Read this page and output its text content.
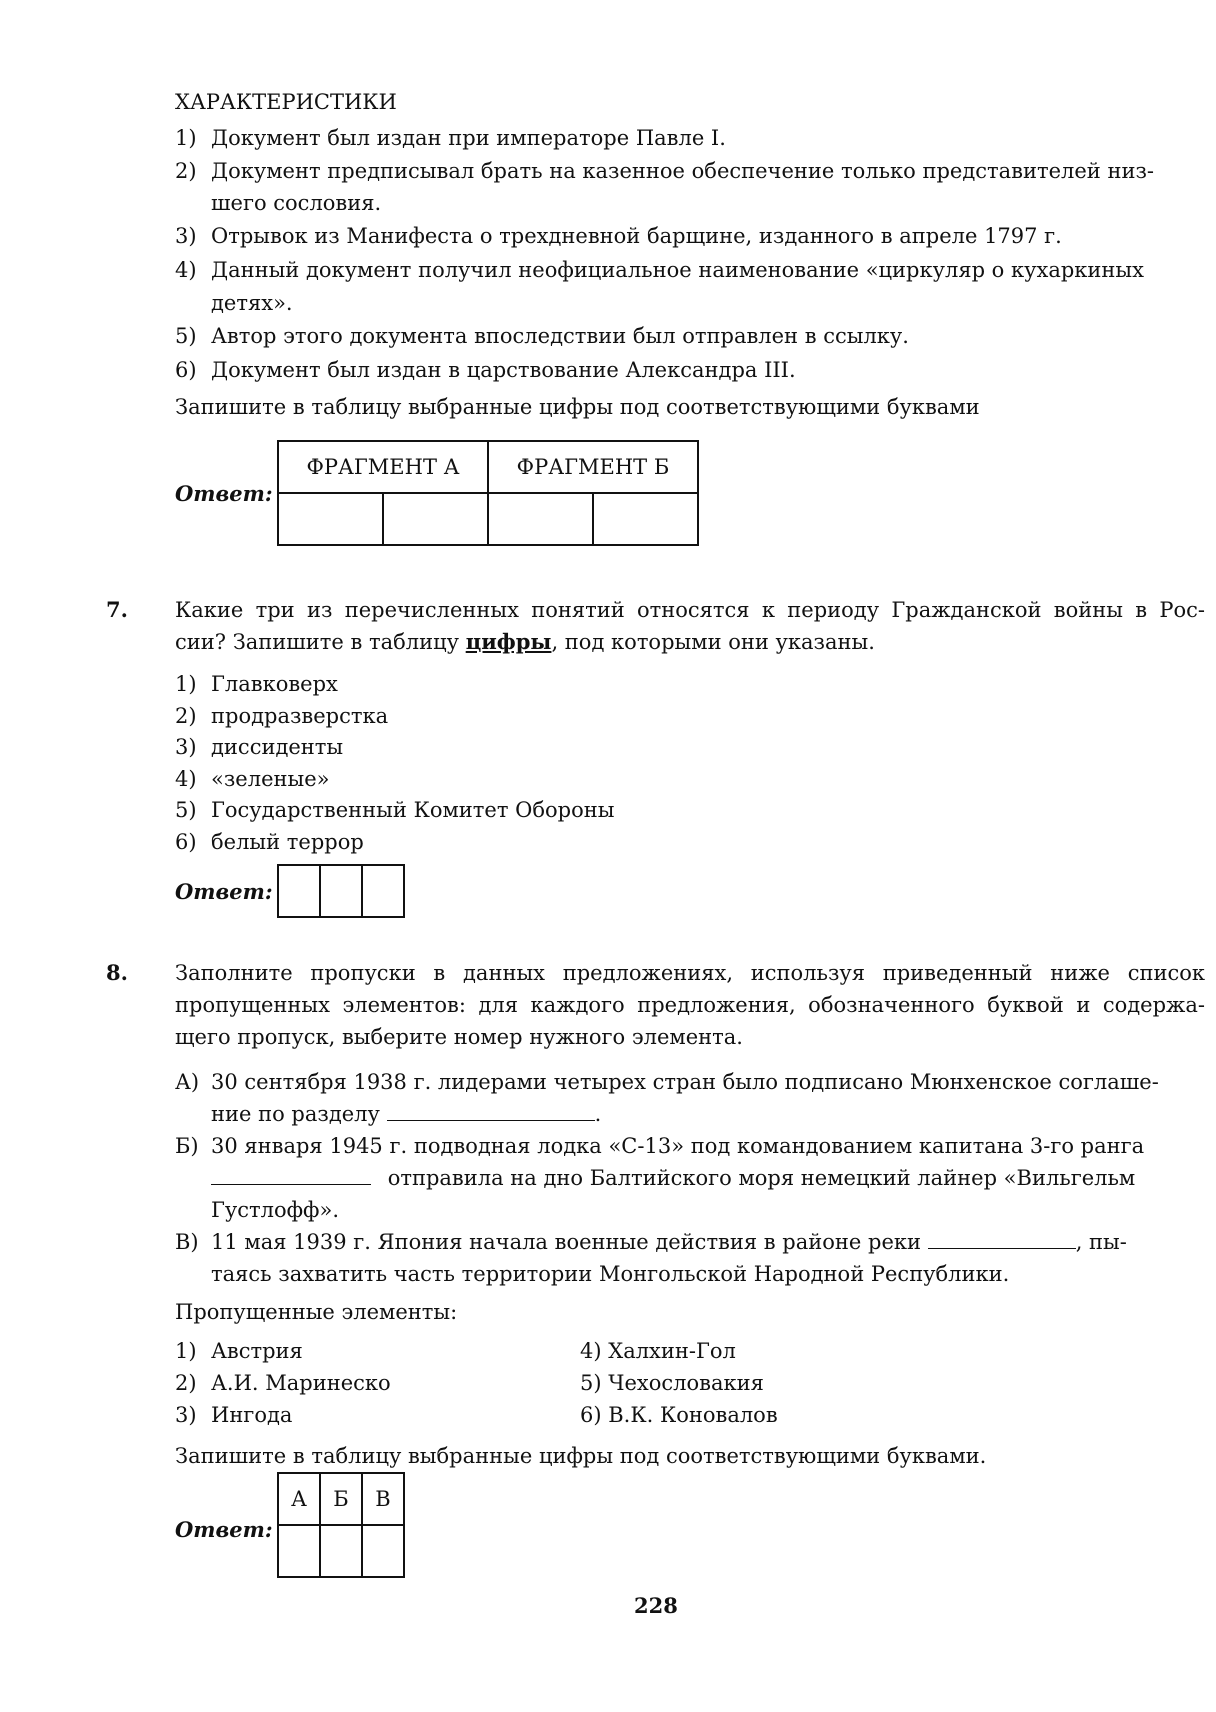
ХАРАКТЕРИСТИКИ
1) Документ был издан при императоре Павле I.
2) Документ предписывал брать на казенное обеспечение только представителей низ-
шего сословия.
3) Отрывок из Манифеста о трехдневной барщине, изданного в апреле 1797 г.
4) Данный документ получил неофициальное наименование «циркуляр о кухаркиных
детях».
5) Автор этого документа впоследствии был отправлен в ссылку.
6) Документ был издан в царствование Александра III.
Запишите в таблицу выбранные цифры под соответствующими буквами
Ответ:
ФРАГМЕНТ А		ФРАГМЕНТ Б	

7. Какие три из перечисленных понятий относятся к периоду Гражданской войны в Рос-
сии? Запишите в таблицу цифры, под которыми они указаны.
1) Главковерх
2) продразверстка
3) диссиденты
4) «зеленые»
5) Государственный Комитет Обороны
6) белый террор
Ответ:

8. Заполните пропуски в данных предложениях, используя приведенный ниже список
пропущенных элементов: для каждого предложения, обозначенного буквой и содержа-
щего пропуск, выберите номер нужного элемента.
А) 30 сентября 1938 г. лидерами четырех стран было подписано Мюнхенское соглаше-
ние по разделу	.
Б) 30 января 1945 г. подводная лодка «С-13» под командованием капитана 3-го ранга
отправила на дно Балтийского моря немецкий лайнер «Вильгельм
Густлофф».
В) 11 мая 1939 г. Япония начала военные действия в районе реки	, пы-
таясь захватить часть территории Монгольской Народной Республики.
Пропущенные элементы:
1) Австрия
2) А.И. Маринеско
3) Ингода
4) Халхин-Гол
5) Чехословакия
6) В.К. Коновалов
Запишите в таблицу выбранные цифры под соответствующими буквами.
Ответ:
А	Б	В

228
